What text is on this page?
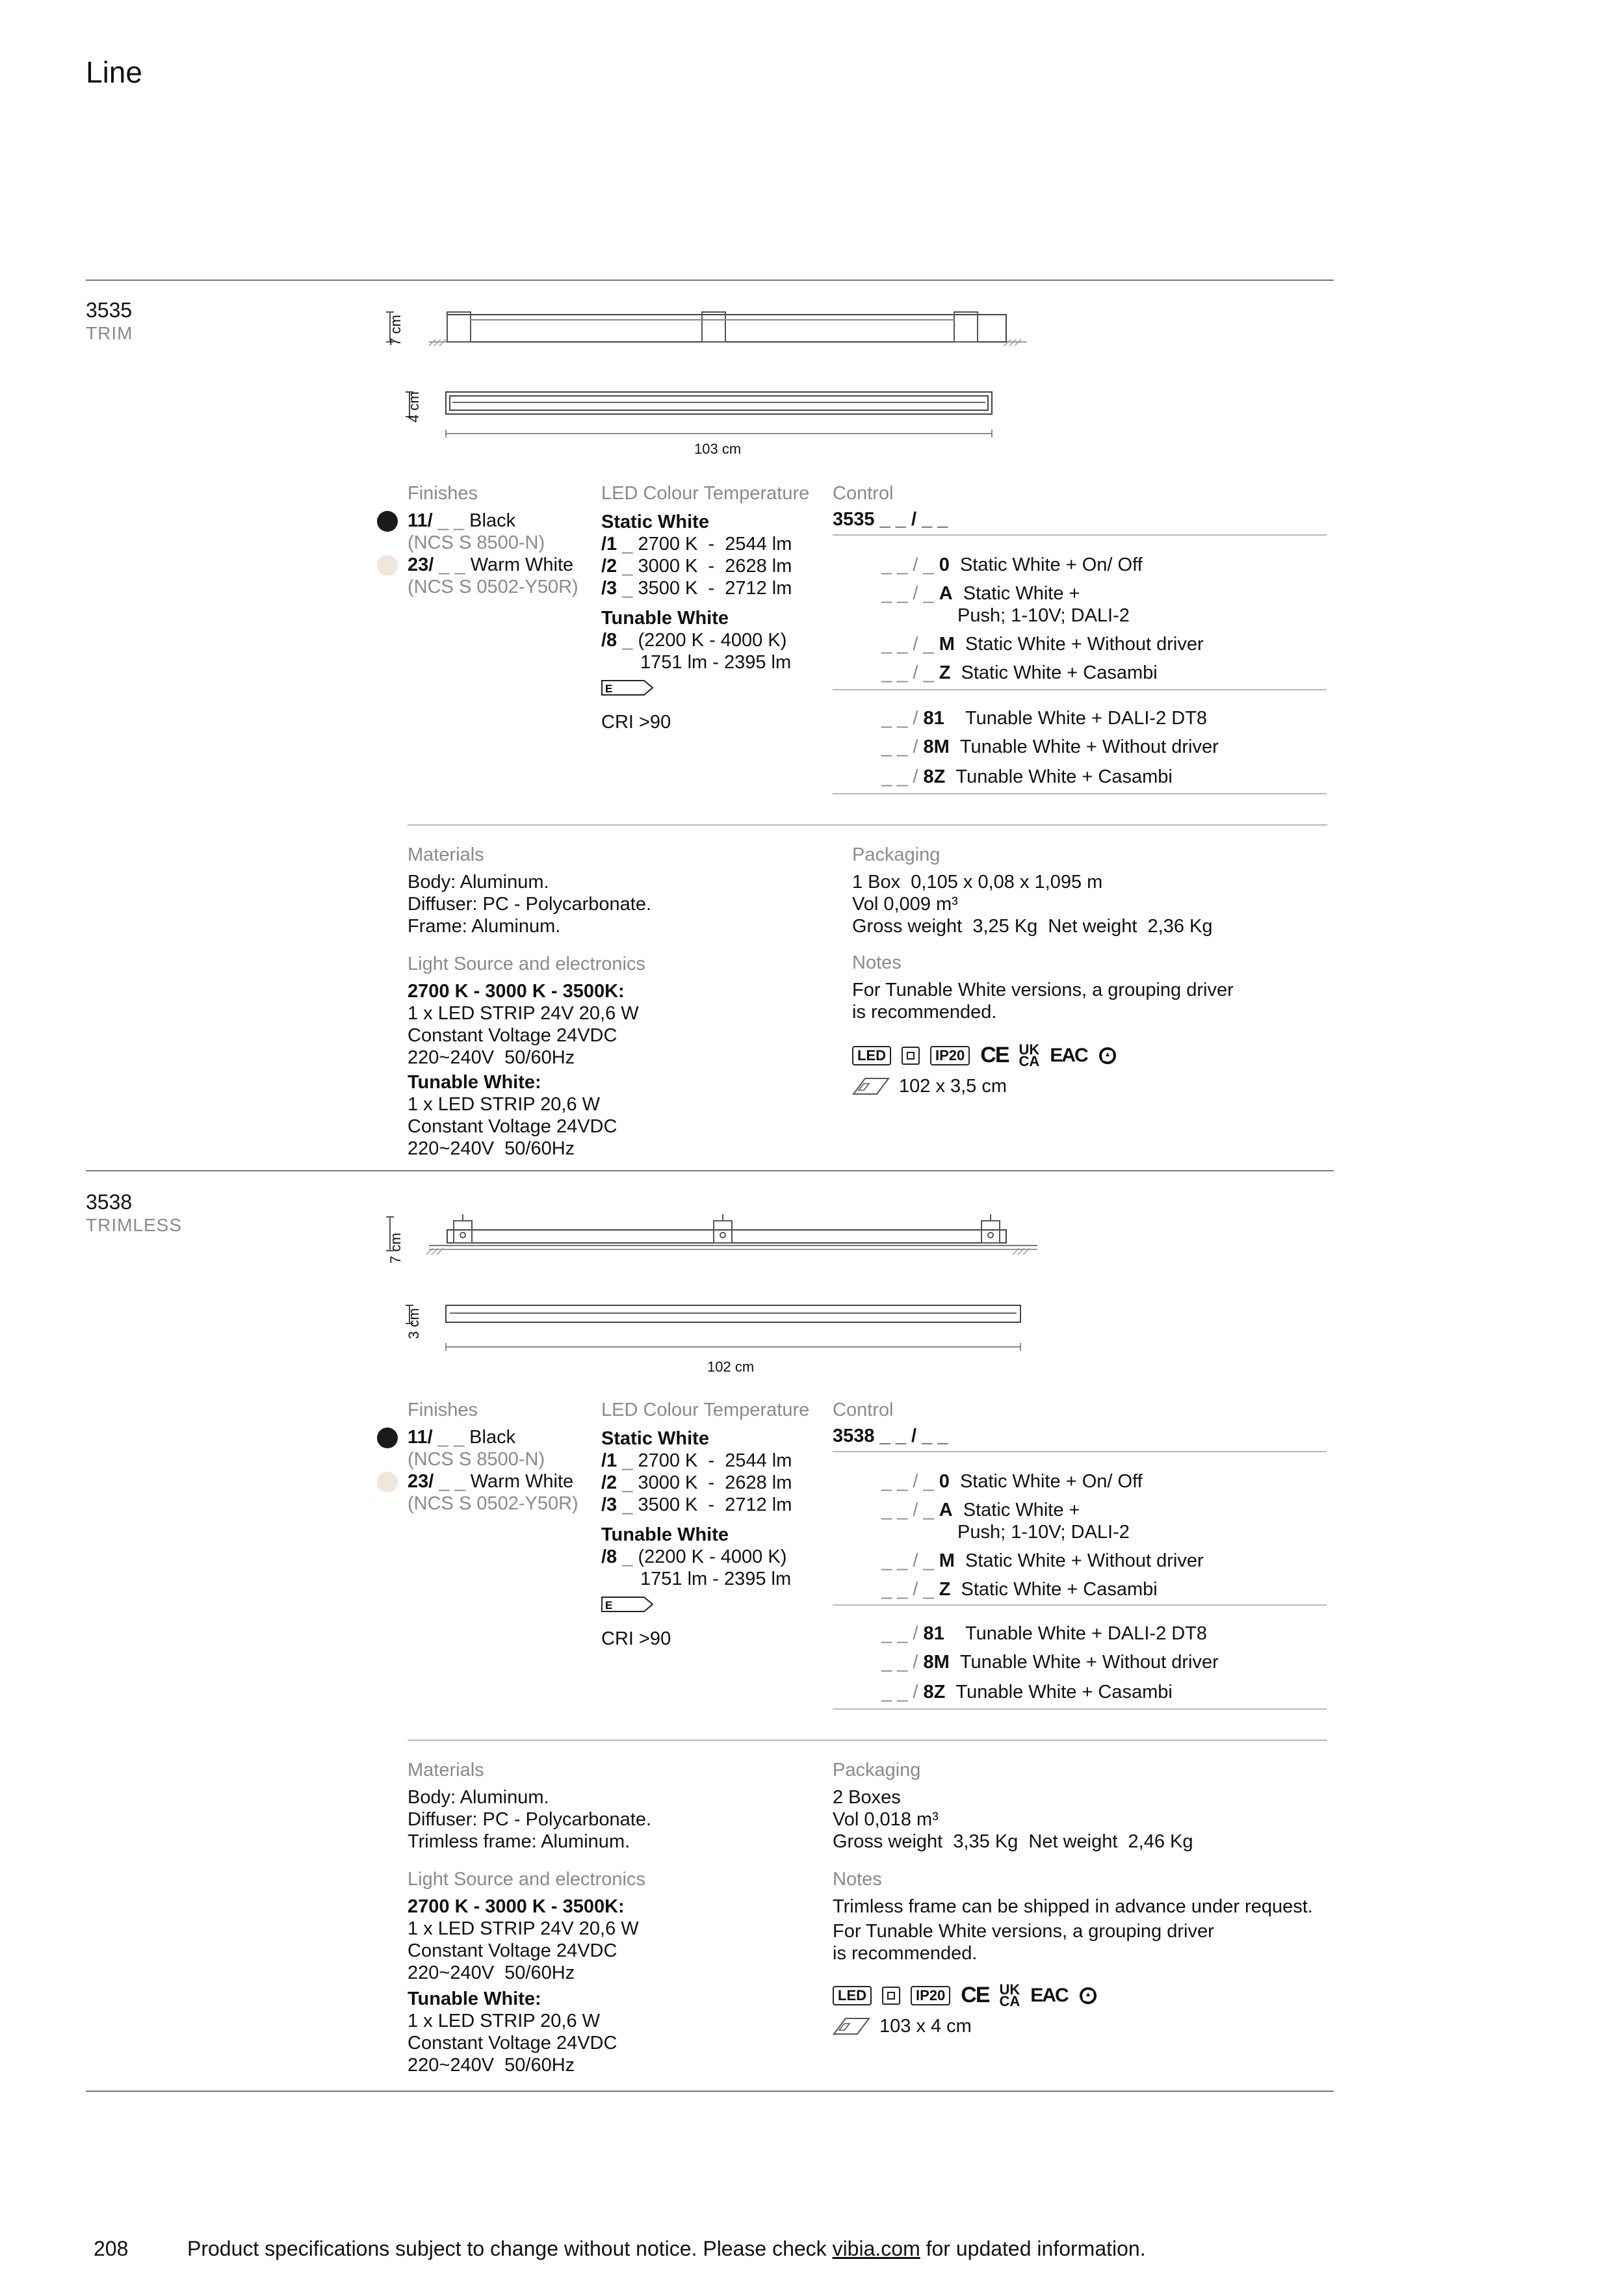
Line
3535
TRIM	7 cm
4 cm
103 cm
Finishes
11/ _ _ Black
(NCS S 8500-N)
23/ _ _ Warm White
(NCS S 0502-Y50R)
LED Colour Temperature
Static White
/1 _ 2700 K  -  2544 lm
/2 _ 3000 K  -  2628 lm
/3 _ 3500 K  -  2712 lm
Tunable White
/8 _ (2200 K - 4000 K)
1751 lm - 2395 lm
E
CRI >90
Control
3535 _ _ / _ _
_ _ / _ 0 Static White + On/ Off
_ _ / _ A Static White +
Push; 1-10V; DALI-2
_ _ / _ M Static White + Without driver
_ _ / _ Z Static White + Casambi
_ _ / 81 Tunable White + DALI-2 DT8
_ _ / 8M Tunable White + Without driver
_ _ / 8Z Tunable White + Casambi
Materials
Body: Aluminum.
Diffuser: PC - Polycarbonate.
Frame: Aluminum.
Light Source and electronics
2700 K - 3000 K - 3500K:
1 x LED STRIP 24V 20,6 W
Constant Voltage 24VDC
220~240V  50/60Hz
Tunable White:
1 x LED STRIP 20,6 W
Constant Voltage 24VDC
220~240V  50/60Hz
Packaging
1 Box  0,105 x 0,08 x 1,095 m
Vol 0,009 m³
Gross weight  3,25 Kg  Net weight  2,36 Kg
Notes
For Tunable White versions, a grouping driver
is recommended.
LED	IP20 CE UK
CA EAC
102 x 3,5 cm
3538
TRIMLESS
7 cm
3 cm
102 cm
Finishes
11/ _ _ Black
(NCS S 8500-N)
23/ _ _ Warm White
(NCS S 0502-Y50R)
LED Colour Temperature
Static White
/1 _ 2700 K  -  2544 lm
/2 _ 3000 K  -  2628 lm
/3 _ 3500 K  -  2712 lm
Tunable White
/8 _ (2200 K - 4000 K)
1751 lm - 2395 lm
E
CRI >90
Control
3538 _ _ / _ _
_ _ / _ 0 Static White + On/ Off
_ _ / _ A Static White +
Push; 1-10V; DALI-2
_ _ / _ M Static White + Without driver
_ _ / _ Z Static White + Casambi
_ _ / 81 Tunable White + DALI-2 DT8
_ _ / 8M Tunable White + Without driver
_ _ / 8Z Tunable White + Casambi
Materials
Body: Aluminum.
Diffuser: PC - Polycarbonate.
Trimless frame: Aluminum.
Light Source and electronics
2700 K - 3000 K - 3500K:
1 x LED STRIP 24V 20,6 W
Constant Voltage 24VDC
220~240V  50/60Hz
Tunable White:
1 x LED STRIP 20,6 W
Constant Voltage 24VDC
220~240V  50/60Hz
Packaging
2 Boxes
Vol 0,018 m³
Gross weight  3,35 Kg  Net weight  2,46 Kg
Notes
Trimless frame can be shipped in advance under request.
For Tunable White versions, a grouping driver
is recommended.
LED	IP20 CE UK
CA EAC
103 x 4 cm
208	Product specifications subject to change without notice. Please check vibia.com for updated information.
